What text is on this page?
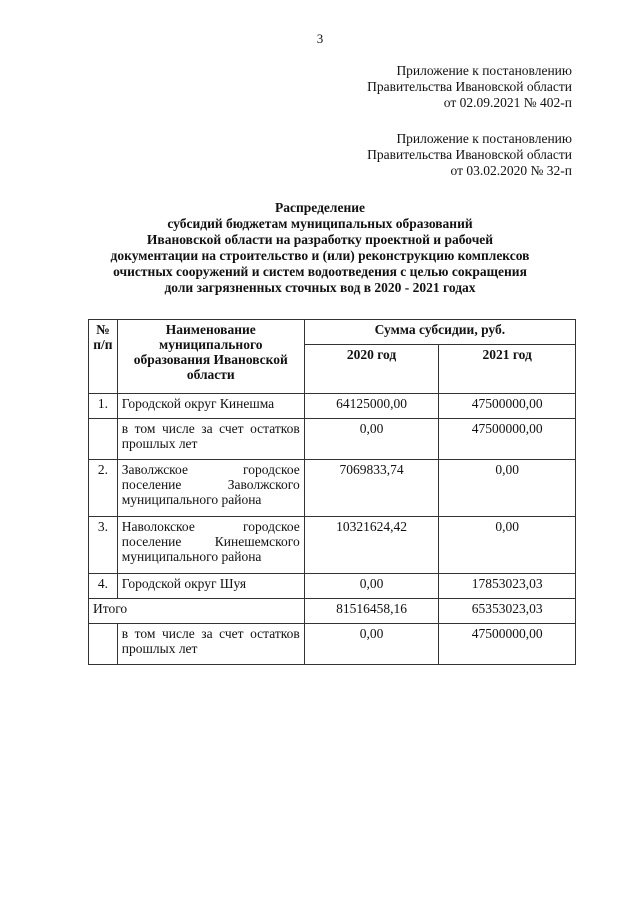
3
Приложение к постановлению
Правительства Ивановской области
от 02.09.2021 № 402-п
Приложение к постановлению
Правительства Ивановской области
от 03.02.2020 № 32-п
Распределение
субсидий бюджетам муниципальных образований
Ивановской области на разработку проектной и рабочей
документации на строительство и (или) реконструкцию комплексов
очистных сооружений и систем водоотведения с целью сокращения
доли загрязненных сточных вод в 2020 - 2021 годах
№ п/п	Наименование муниципального образования Ивановской области	Сумма субсидии, руб.	
		2020 год	2021 год
1.	Городской округ Кинешма	64125000,00	47500000,00
	в том числе за счет остатков прошлых лет	0,00	47500000,00
2.	Заволжское городское поселение Заволжского муниципального района	7069833,74	0,00
3.	Наволокское городское поселение Кинешемского муниципального района	10321624,42	0,00
4.	Городской округ Шуя	0,00	17853023,03
Итого		81516458,16	65353023,03
	в том числе за счет остатков прошлых лет	0,00	47500000,00
